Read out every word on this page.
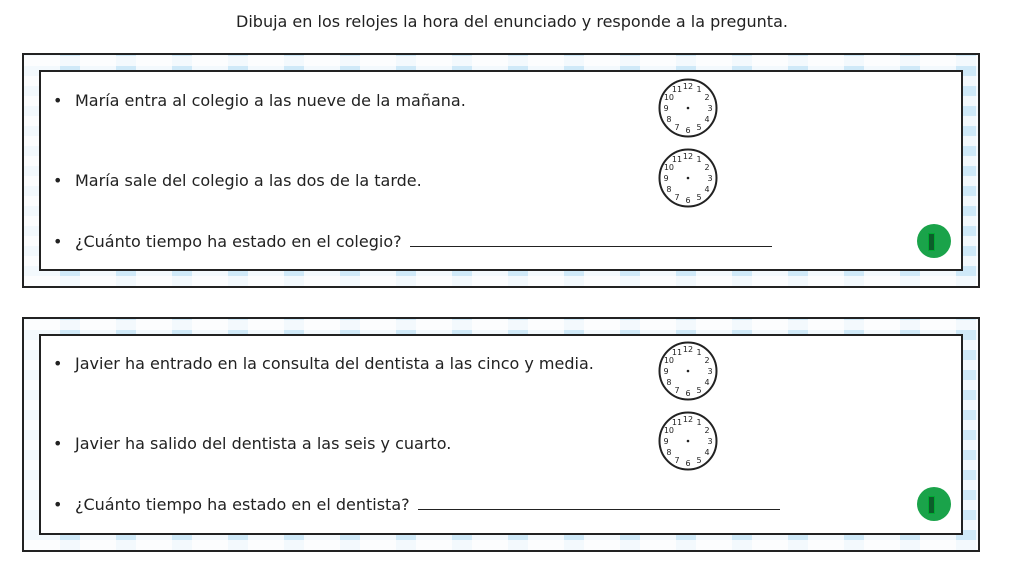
Dibuja en los relojes la hora del enunciado y responde a la pregunta.
• María entra al colegio a las nueve de la mañana.
• María sale del colegio a las dos de la tarde.
• ¿Cuánto tiempo ha estado en el colegio?
12 1
2
3
4
5
6
7
8
9
10
11
12 1
2
3
4
5
6
7
8
9
10
11
• Javier ha entrado en la consulta del dentista a las cinco y media.
• Javier ha salido del dentista a las seis y cuarto.
• ¿Cuánto tiempo ha estado en el dentista?
12 1
2
3
4
5
6
7
8
9
10
11
12 1
2
3
4
5
6
7
8
9
10
11
